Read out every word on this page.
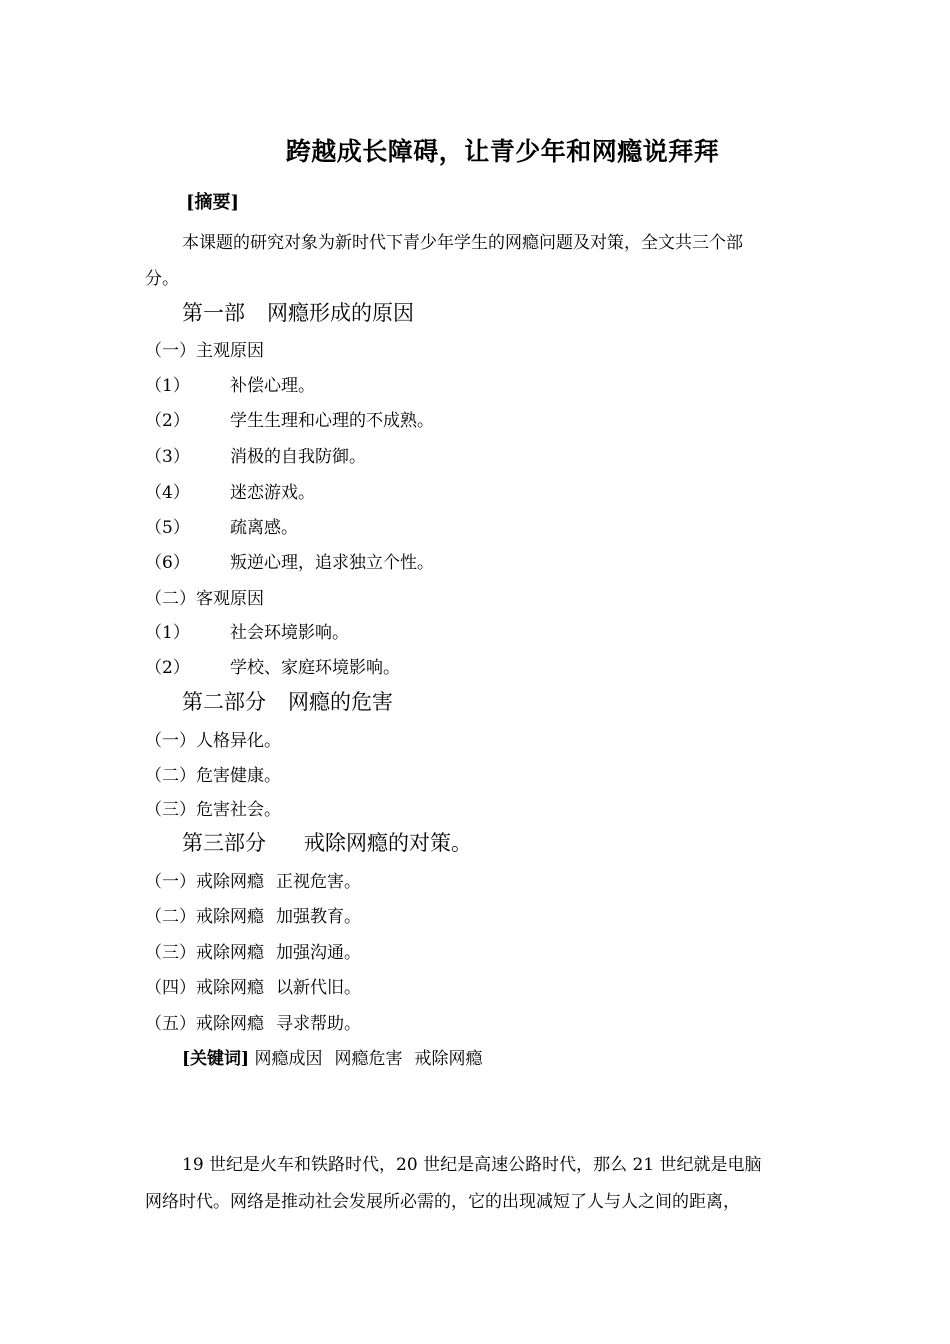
跨越成长障碍，让青少年和网瘾说拜拜
[摘要]
本课题的研究对象为新时代下青少年学生的网瘾问题及对策，全文共三个部
分。
第一部 网瘾形成的原因
（一）主观原因
（1） 补偿心理。
（2） 学生生理和心理的不成熟。
（3） 消极的自我防御。
（4） 迷恋游戏。
（5） 疏离感。
（6） 叛逆心理，追求独立个性。
（二）客观原因
（1） 社会环境影响。
（2） 学校、家庭环境影响。
第二部分 网瘾的危害
（一）人格异化。
（二）危害健康。
（三）危害社会。
第三部分 戒除网瘾的对策。
（一）戒除网瘾 正视危害。
（二）戒除网瘾 加强教育。
（三）戒除网瘾 加强沟通。
（四）戒除网瘾 以新代旧。
（五）戒除网瘾 寻求帮助。
[关键词] 网瘾成因 网瘾危害 戒除网瘾
19 世纪是火车和铁路时代，20 世纪是高速公路时代，那么 21 世纪就是电脑
网络时代。网络是推动社会发展所必需的，它的出现减短了人与人之间的距离，
